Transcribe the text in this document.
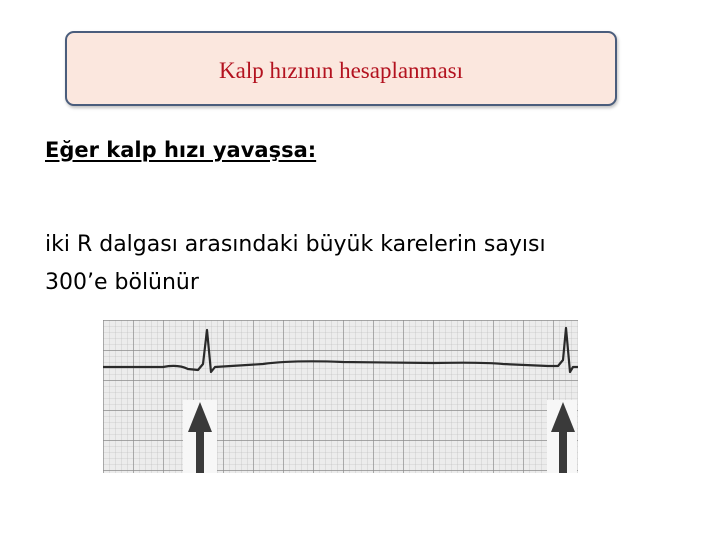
Kalp hızının hesaplanması
Eğer kalp hızı yavaşsa:
iki R dalgası arasındaki büyük karelerin sayısı
300’e bölünür
